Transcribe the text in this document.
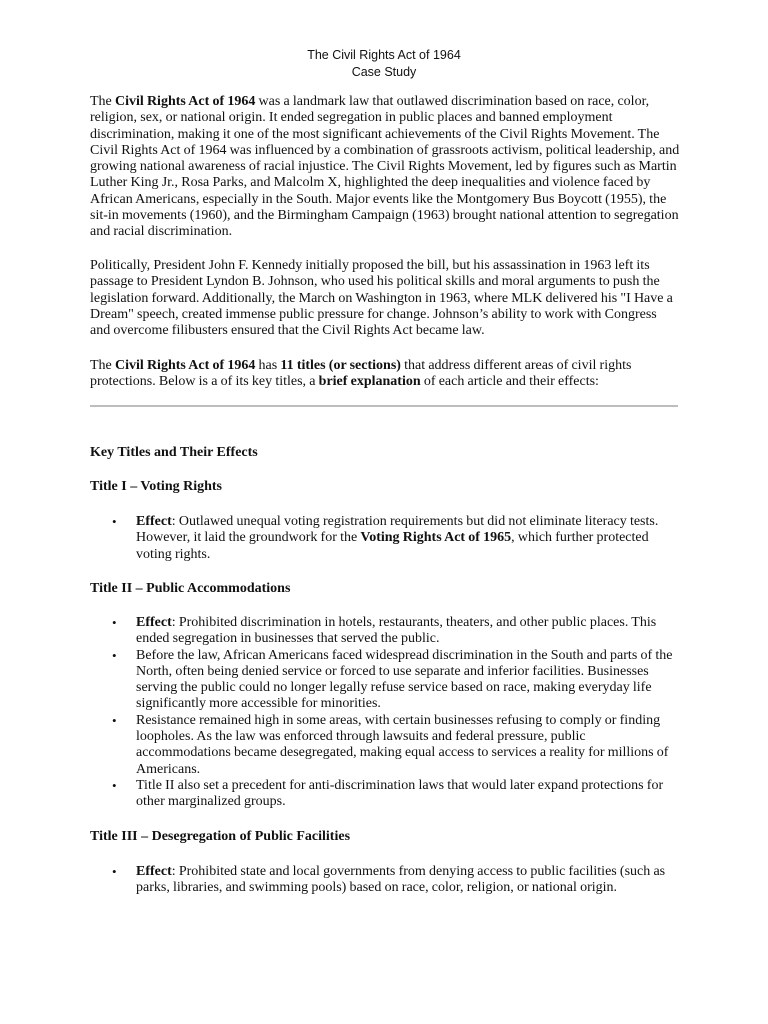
The Civil Rights Act of 1964
Case Study

The Civil Rights Act of 1964 was a landmark law that outlawed discrimination based on race, color, religion, sex, or national origin. It ended segregation in public places and banned employment discrimination, making it one of the most significant achievements of the Civil Rights Movement. The Civil Rights Act of 1964 was influenced by a combination of grassroots activism, political leadership, and growing national awareness of racial injustice. The Civil Rights Movement, led by figures such as Martin Luther King Jr., Rosa Parks, and Malcolm X, highlighted the deep inequalities and violence faced by African Americans, especially in the South. Major events like the Montgomery Bus Boycott (1955), the sit-in movements (1960), and the Birmingham Campaign (1963) brought national attention to segregation and racial discrimination.

Politically, President John F. Kennedy initially proposed the bill, but his assassination in 1963 left its passage to President Lyndon B. Johnson, who used his political skills and moral arguments to push the legislation forward. Additionally, the March on Washington in 1963, where MLK delivered his "I Have a Dream" speech, created immense public pressure for change. Johnson’s ability to work with Congress and overcome filibusters ensured that the Civil Rights Act became law.

The Civil Rights Act of 1964 has 11 titles (or sections) that address different areas of civil rights protections. Below is a of its key titles, a brief explanation of each article and their effects:

Key Titles and Their Effects
Title I – Voting Rights
• Effect: Outlawed unequal voting registration requirements but did not eliminate literacy tests. However, it laid the groundwork for the Voting Rights Act of 1965, which further protected voting rights.
Title II – Public Accommodations
• Effect: Prohibited discrimination in hotels, restaurants, theaters, and other public places. This ended segregation in businesses that served the public.
• Before the law, African Americans faced widespread discrimination in the South and parts of the North, often being denied service or forced to use separate and inferior facilities. Businesses serving the public could no longer legally refuse service based on race, making everyday life significantly more accessible for minorities.
• Resistance remained high in some areas, with certain businesses refusing to comply or finding loopholes. As the law was enforced through lawsuits and federal pressure, public accommodations became desegregated, making equal access to services a reality for millions of Americans.
• Title II also set a precedent for anti-discrimination laws that would later expand protections for other marginalized groups.
Title III – Desegregation of Public Facilities
• Effect: Prohibited state and local governments from denying access to public facilities (such as parks, libraries, and swimming pools) based on race, color, religion, or national origin.
